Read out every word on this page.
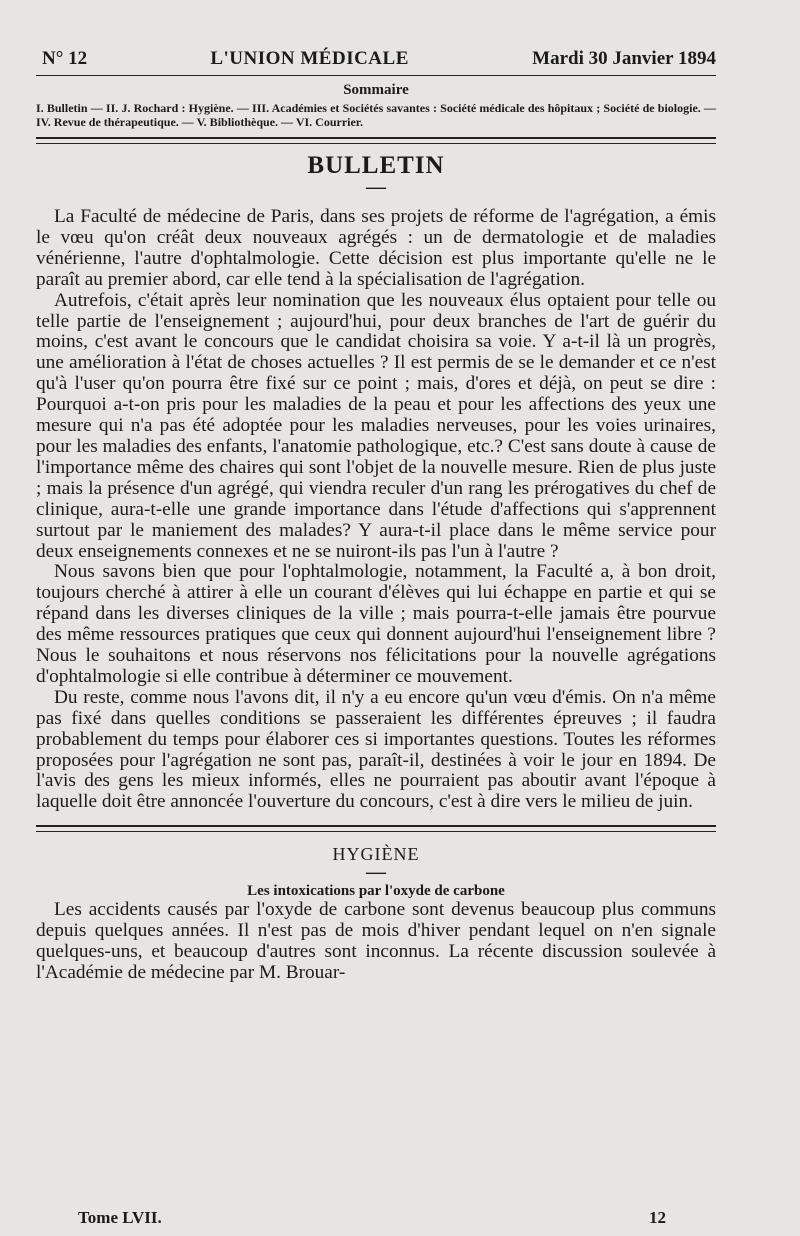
N° 12	L'UNION MÉDICALE	Mardi 30 Janvier 1894
Sommaire

I. Bulletin — II. J. Rochard : Hygiène. — III. Académies et Sociétés savantes : Société médicale des hôpitaux ; Société de biologie. — IV. Revue de thérapeutique. — V. Bibliothèque. — VI. Courrier.

BULLETIN
—

La Faculté de médecine de Paris, dans ses projets de réforme de l'agrégation, a émis le vœu qu'on créât deux nouveaux agrégés : un de dermatologie et de maladies vénérienne, l'autre d'ophtalmologie. Cette décision est plus importante qu'elle ne le paraît au premier abord, car elle tend à la spécialisation de l'agrégation.

Autrefois, c'était après leur nomination que les nouveaux élus optaient pour telle ou telle partie de l'enseignement ; aujourd'hui, pour deux branches de l'art de guérir du moins, c'est avant le concours que le candidat choisira sa voie. Y a-t-il là un progrès, une amélioration à l'état de choses actuelles ? Il est permis de se le demander et ce n'est qu'à l'user qu'on pourra être fixé sur ce point ; mais, d'ores et déjà, on peut se dire : Pourquoi a-t-on pris pour les maladies de la peau et pour les affections des yeux une mesure qui n'a pas été adoptée pour les maladies nerveuses, pour les voies urinaires, pour les maladies des enfants, l'anatomie pathologique, etc.? C'est sans doute à cause de l'importance même des chaires qui sont l'objet de la nouvelle mesure. Rien de plus juste ; mais la présence d'un agrégé, qui viendra reculer d'un rang les prérogatives du chef de clinique, aura-t-elle une grande importance dans l'étude d'affections qui s'apprennent surtout par le maniement des malades? Y aura-t-il place dans le même service pour deux enseignements connexes et ne se nuiront-ils pas l'un à l'autre ?

Nous savons bien que pour l'ophtalmologie, notamment, la Faculté a, à bon droit, toujours cherché à attirer à elle un courant d'élèves qui lui échappe en partie et qui se répand dans les diverses cliniques de la ville ; mais pourra-t-elle jamais être pourvue des même ressources pratiques que ceux qui donnent aujourd'hui l'enseignement libre ? Nous le souhaitons et nous réservons nos félicitations pour la nouvelle agrégations d'ophtalmologie si elle contribue à déterminer ce mouvement.

Du reste, comme nous l'avons dit, il n'y a eu encore qu'un vœu d'émis. On n'a même pas fixé dans quelles conditions se passeraient les différentes épreuves ; il faudra probablement du temps pour élaborer ces si importantes questions. Toutes les réformes proposées pour l'agrégation ne sont pas, paraît-il, destinées à voir le jour en 1894. De l'avis des gens les mieux informés, elles ne pourraient pas aboutir avant l'époque à laquelle doit être annoncée l'ouverture du concours, c'est à dire vers le milieu de juin.

HYGIÈNE
—
Les intoxications par l'oxyde de carbone

Les accidents causés par l'oxyde de carbone sont devenus beaucoup plus communs depuis quelques années. Il n'est pas de mois d'hiver pendant lequel on n'en signale quelques-uns, et beaucoup d'autres sont inconnus. La récente discussion soulevée à l'Académie de médecine par M. Brouar-

Tome LVII.	12
